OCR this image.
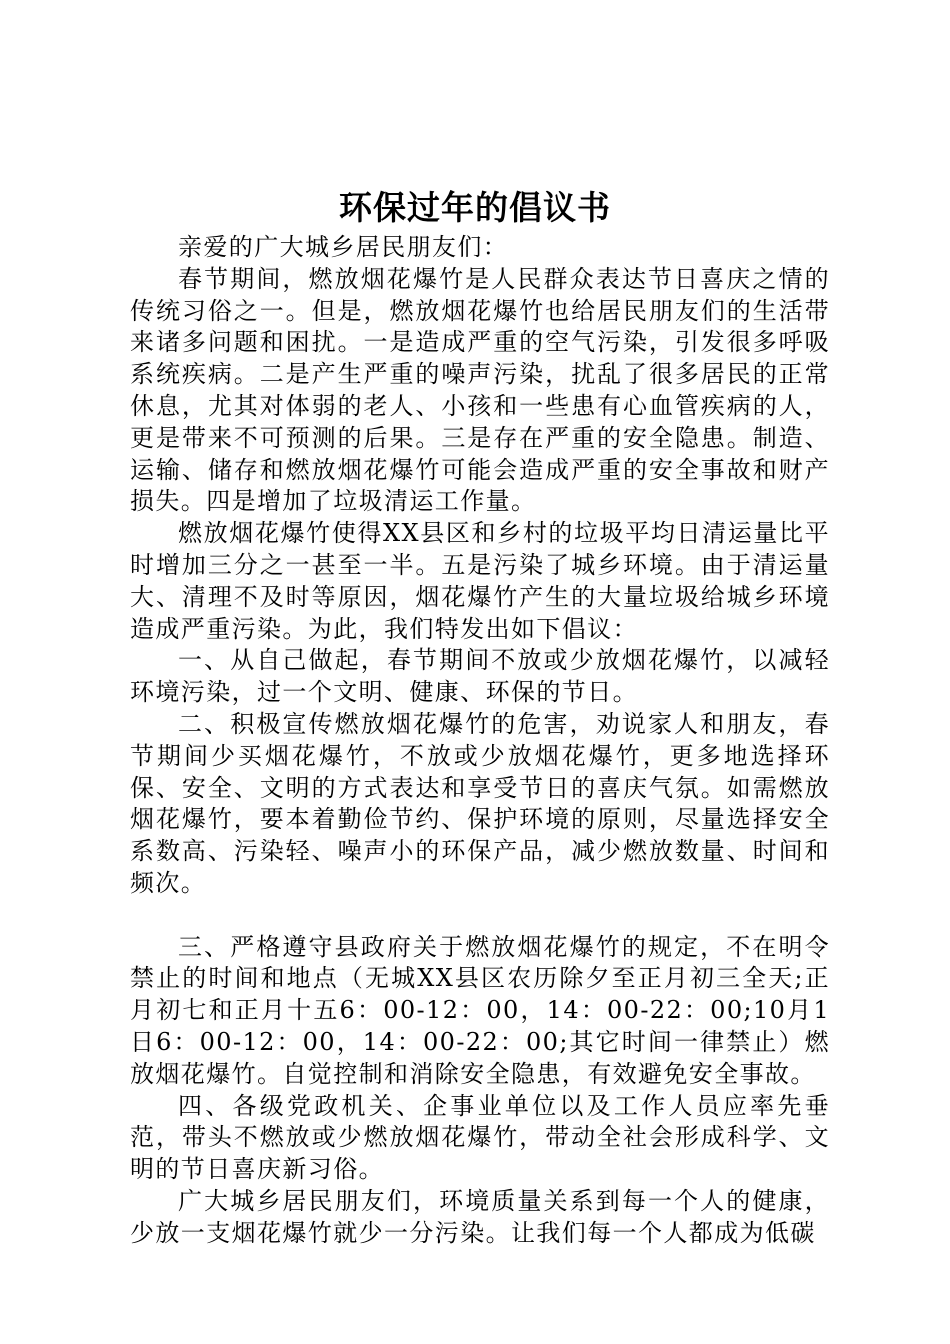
环保过年的倡议书

亲爱的广大城乡居民朋友们：

春节期间，燃放烟花爆竹是人民群众表达节日喜庆之情的传统习俗之一。但是，燃放烟花爆竹也给居民朋友们的生活带来诸多问题和困扰。一是造成严重的空气污染，引发很多呼吸系统疾病。二是产生严重的噪声污染，扰乱了很多居民的正常休息，尤其对体弱的老人、小孩和一些患有心血管疾病的人，更是带来不可预测的后果。三是存在严重的安全隐患。制造、运输、储存和燃放烟花爆竹可能会造成严重的安全事故和财产损失。四是增加了垃圾清运工作量。

燃放烟花爆竹使得XX县区和乡村的垃圾平均日清运量比平时增加三分之一甚至一半。五是污染了城乡环境。由于清运量大、清理不及时等原因，烟花爆竹产生的大量垃圾给城乡环境造成严重污染。为此，我们特发出如下倡议：

一、从自己做起，春节期间不放或少放烟花爆竹，以减轻环境污染，过一个文明、健康、环保的节日。

二、积极宣传燃放烟花爆竹的危害，劝说家人和朋友，春节期间少买烟花爆竹，不放或少放烟花爆竹，更多地选择环保、安全、文明的方式表达和享受节日的喜庆气氛。如需燃放烟花爆竹，要本着勤俭节约、保护环境的原则，尽量选择安全系数高、污染轻、噪声小的环保产品，减少燃放数量、时间和频次。

三、严格遵守县政府关于燃放烟花爆竹的规定，不在明令禁止的时间和地点（无城XX县区农历除夕至正月初三全天;正月初七和正月十五6：00-12：00，14：00-22：00;10月1日6：00-12：00，14：00-22：00;其它时间一律禁止）燃放烟花爆竹。自觉控制和消除安全隐患，有效避免安全事故。

四、各级党政机关、企事业单位以及工作人员应率先垂范，带头不燃放或少燃放烟花爆竹，带动全社会形成科学、文明的节日喜庆新习俗。

广大城乡居民朋友们，环境质量关系到每一个人的健康，少放一支烟花爆竹就少一分污染。让我们每一个人都成为低碳
